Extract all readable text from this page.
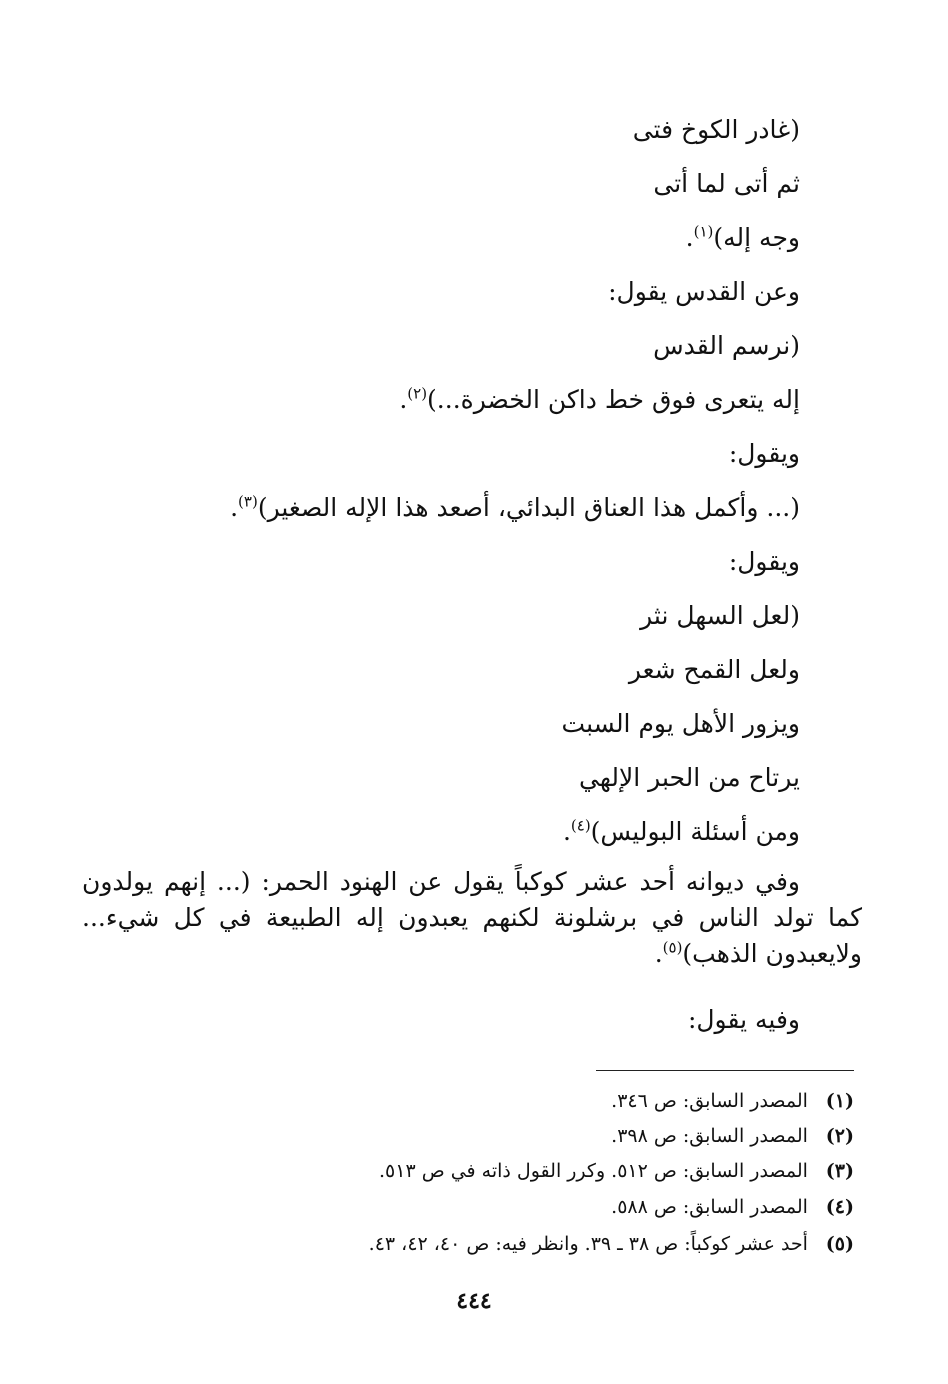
(غادر الكوخ فتى
ثم أتى لما أتى
وجه إله)$^{(١)}$.
وعن القدس يقول:
(نرسم القدس
إله يتعرى فوق خط داكن الخضرة...)$^{(٢)}$.
ويقول:
(... وأكمل هذا العناق البدائي، أصعد هذا الإله الصغير)$^{(٣)}$.
ويقول:
(لعل السهل نثر
ولعل القمح شعر
ويزور الأهل يوم السبت
يرتاح من الحبر الإلهي
ومن أسئلة البوليس)$^{(٤)}$.
وفي ديوانه أحد عشر كوكباً يقول عن الهنود الحمر: (... إنهم يولدون كما تولد الناس في برشلونة لكنهم يعبدون إله الطبيعة في كل شيء... ولايعبدون الذهب)$^{(٥)}$.
وفيه يقول:
(١) المصدر السابق: ص ٣٤٦.
(٢) المصدر السابق: ص ٣٩٨.
(٣) المصدر السابق: ص ٥١٢. وكرر القول ذاته في ص ٥١٣.
(٤) المصدر السابق: ص ٥٨٨.
(٥) أحد عشر كوكباً: ص ٣٨ ـ ٣٩. وانظر فيه: ص ٤٠، ٤٢، ٤٣.
٤٤٤
